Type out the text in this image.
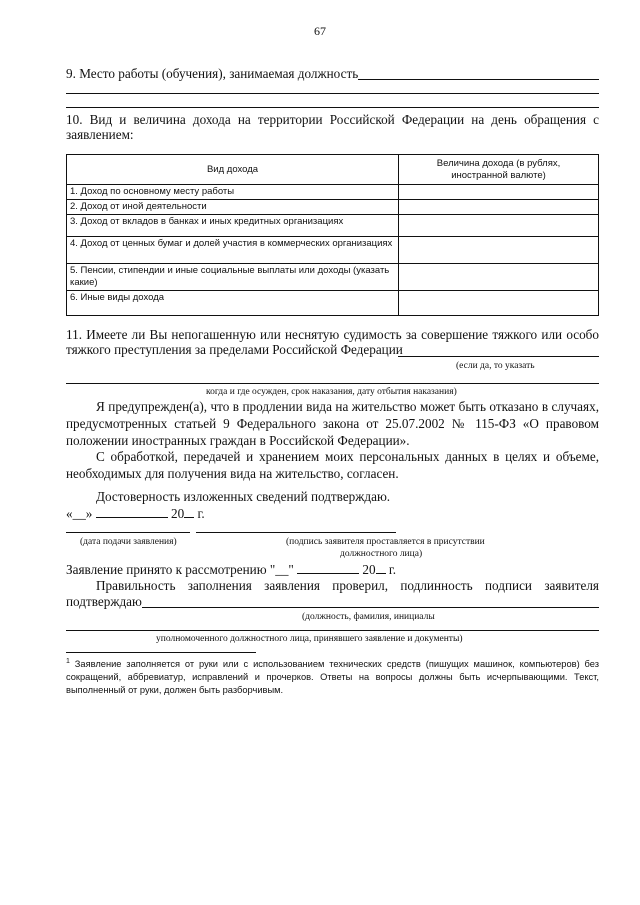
67
9. Место работы (обучения), занимаемая должность
10. Вид и величина дохода на территории Российской Федерации на день обращения с
заявлением:
Вид дохода	Величина дохода (в рублях, иностранной валюте)
1. Доход по основному месту работы	
2. Доход от иной деятельности	
3. Доход от вкладов в банках и иных кредитных организациях	
4. Доход от ценных бумаг и долей участия в коммерческих организациях	
5. Пенсии, стипендии и иные социальные выплаты или доходы (указать какие)	
6. Иные виды дохода	
11. Имеете ли Вы непогашенную или неснятую судимость за совершение тяжкого или особо
тяжкого преступления за пределами Российской Федерации
(если да, то указать
когда и где осужден, срок наказания, дату отбытия наказания)
Я предупрежден(а), что в продлении вида на жительство может быть отказано в случаях, предусмотренных статьей 9 Федерального закона от 25.07.2002 № 115-ФЗ «О правовом положении иностранных граждан в Российской Федерации».
С обработкой, передачей и хранением моих персональных данных в целях и объеме, необходимых для получения вида на жительство, согласен.
Достоверность изложенных сведений подтверждаю.
«__»	20 г.
(дата подачи заявления)	(подпись заявителя проставляется в присутствии
должностного лица)
Заявление принято к рассмотрению "__"	20 г.
Правильность заполнения заявления проверил, подлинность подписи заявителя
подтверждаю
(должность, фамилия, инициалы
уполномоченного должностного лица, принявшего заявление и документы)
$^1$ Заявление заполняется от руки или с использованием технических средств (пишущих машинок, компьютеров) без сокращений, аббревиатур, исправлений и прочерков. Ответы на вопросы должны быть исчерпывающими. Текст, выполненный от руки, должен быть разборчивым.
